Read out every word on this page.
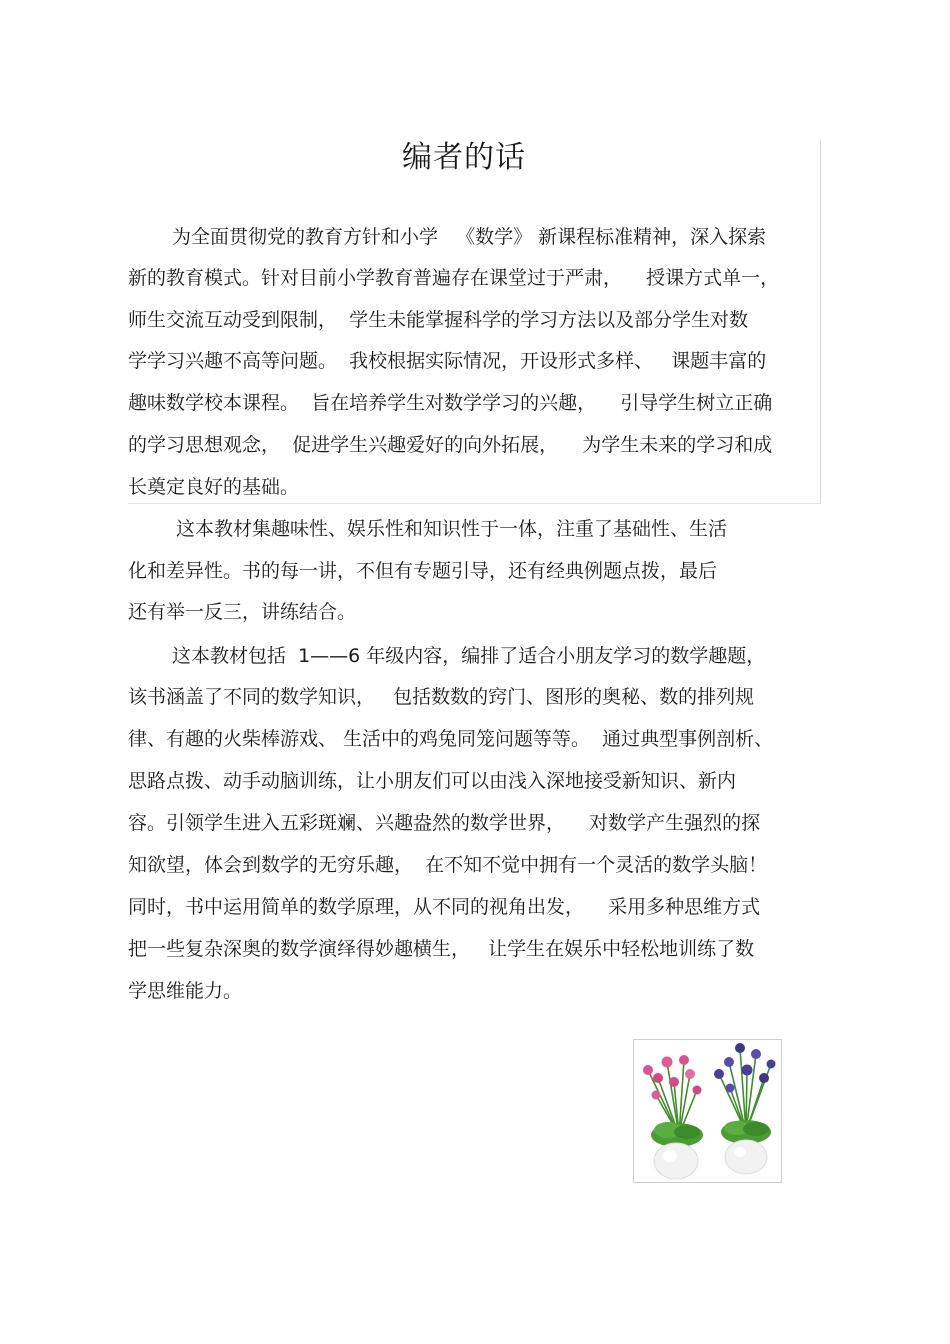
编者的话
为全面贯彻党的教育方针和小学   《数学》 新课程标准精神，深入探索
新的教育模式。针对目前小学教育普遍存在课堂过于严肃，    授课方式单一，
师生交流互动受到限制，  学生未能掌握科学的学习方法以及部分学生对数
学学习兴趣不高等问题。  我校根据实际情况，开设形式多样、   课题丰富的
趣味数学校本课程。  旨在培养学生对数学学习的兴趣，    引导学生树立正确
的学习思想观念，  促进学生兴趣爱好的向外拓展，    为学生未来的学习和成
长奠定良好的基础。
这本教材集趣味性、娱乐性和知识性于一体，注重了基础性、生活
化和差异性。书的每一讲，不但有专题引导，还有经典例题点拨，最后
还有举一反三，讲练结合。
这本教材包括  1——6 年级内容，编排了适合小朋友学习的数学趣题，
该书涵盖了不同的数学知识，   包括数数的窍门、图形的奥秘、数的排列规
律、有趣的火柴棒游戏、 生活中的鸡兔同笼问题等等。  通过典型事例剖析、
思路点拨、动手动脑训练，让小朋友们可以由浅入深地接受新知识、新内
容。引领学生进入五彩斑斓、兴趣盎然的数学世界，    对数学产生强烈的探
知欲望，体会到数学的无穷乐趣，  在不知不觉中拥有一个灵活的数学头脑！
同时，书中运用简单的数学原理，从不同的视角出发，    采用多种思维方式
把一些复杂深奥的数学演绎得妙趣横生，   让学生在娱乐中轻松地训练了数
学思维能力。
